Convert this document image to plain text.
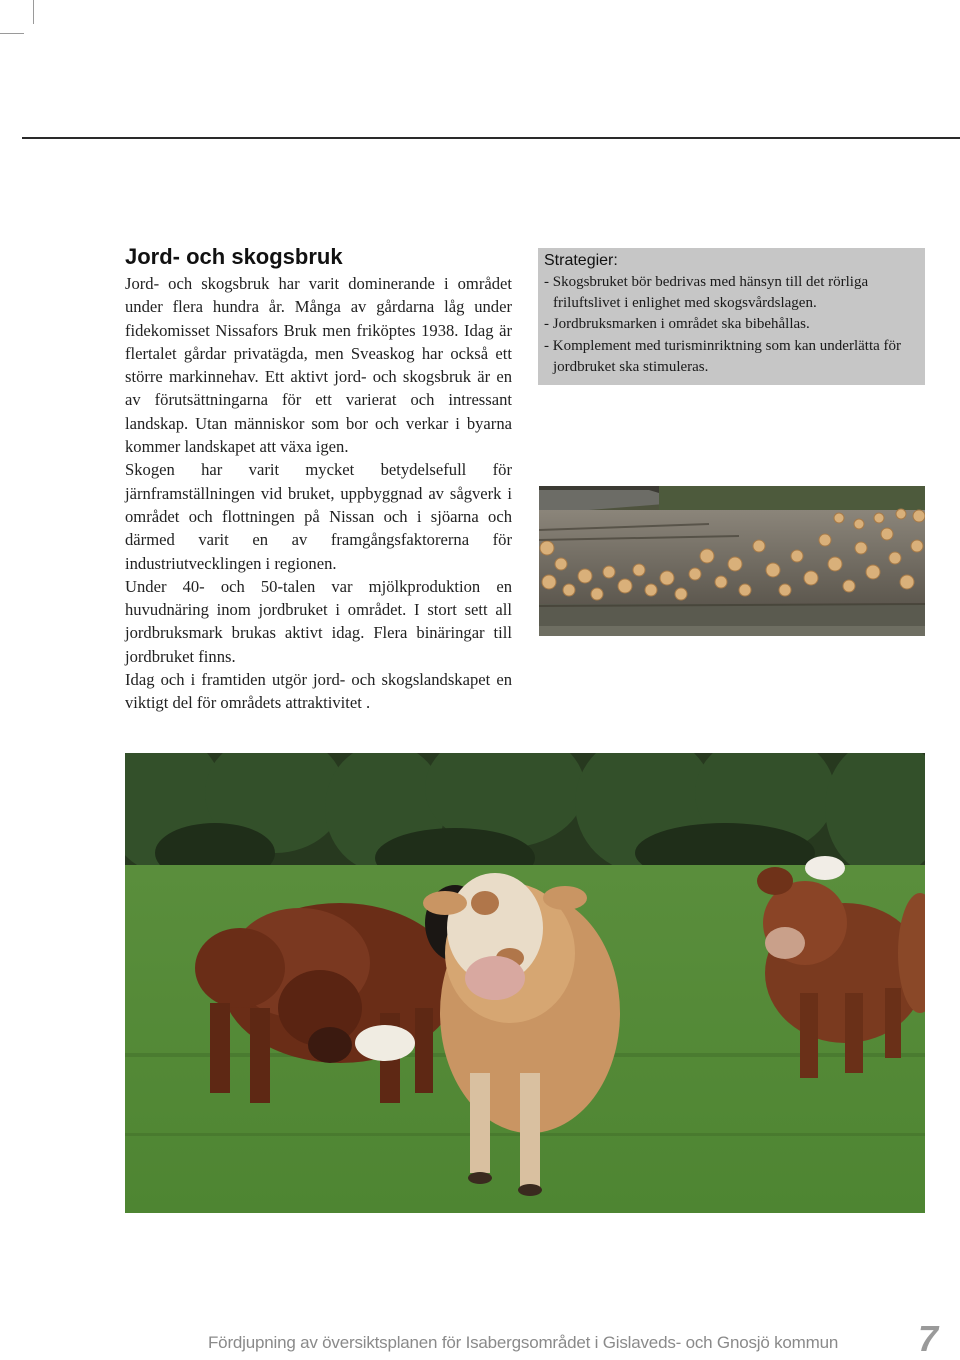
Jord- och skogsbruk

Jord- och skogsbruk har varit dominerande i området under flera hundra år. Många av gårdarna låg under fidekomisset Nissafors Bruk men friköptes 1938. Idag är flertalet gårdar privatägda, men Sveaskog har också ett större markinnehav. Ett aktivt jord- och skogsbruk är en av förutsättningarna för ett varierat och intressant landskap. Utan människor som bor och verkar i byarna kommer landskapet att växa igen.

Skogen har varit mycket betydelsefull för järnframställningen vid bruket, uppbyggnad av sågverk i området och flottningen på Nissan och i sjöarna och därmed varit en av framgångsfaktorerna för industriutvecklingen i regionen.

Under 40- och 50-talen var mjölkproduktion en huvudnäring inom jordbruket i området. I stort sett all jordbruksmark brukas aktivt idag. Flera binäringar till jordbruket finns.

Idag och i framtiden utgör jord- och skogslandskapet en viktigt del för områdets attraktivitet .

Strategier:
- Skogsbruket bör bedrivas med hänsyn till det rörliga friluftslivet i enlighet med skogsvårdslagen.
- Jordbruksmarken i området ska bibehållas.
- Komplement med turisminriktning som kan underlätta för jordbruket ska stimuleras.
Fördjupning av översiktsplanen för Isabergsområdet i Gislaveds- och Gnosjö kommun 7
